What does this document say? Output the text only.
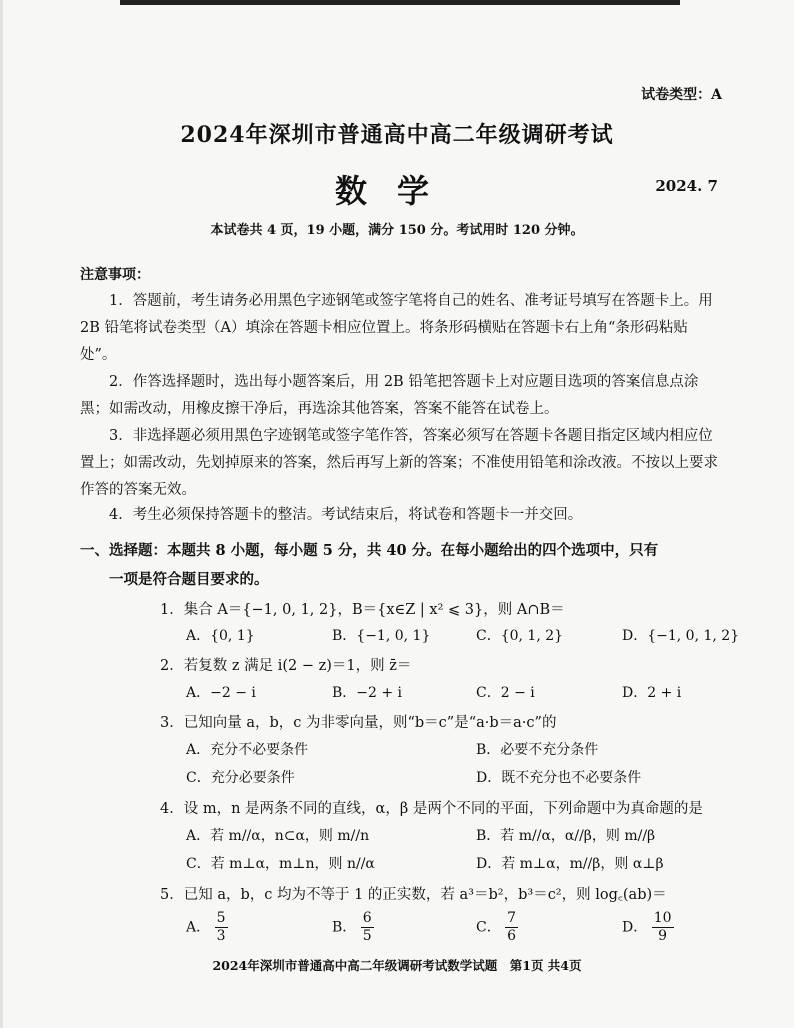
试卷类型：A
2024年深圳市普通高中高二年级调研考试
数学	2024. 7
本试卷共 4 页，19 小题，满分 150 分。考试用时 120 分钟。
注意事项：
1．答题前，考生请务必用黑色字迹钢笔或签字笔将自己的姓名、准考证号填写在答题卡上。用2B 铅笔将试卷类型（A）填涂在答题卡相应位置上。将条形码横贴在答题卡右上角“条形码粘贴处”。
2．作答选择题时，选出每小题答案后，用 2B 铅笔把答题卡上对应题目选项的答案信息点涂黑；如需改动，用橡皮擦干净后，再选涂其他答案，答案不能答在试卷上。
3．非选择题必须用黑色字迹钢笔或签字笔作答，答案必须写在答题卡各题目指定区域内相应位置上；如需改动，先划掉原来的答案，然后再写上新的答案；不准使用铅笔和涂改液。不按以上要求作答的答案无效。
4．考生必须保持答题卡的整洁。考试结束后，将试卷和答题卡一并交回。
一、选择题：本题共 8 小题，每小题 5 分，共 40 分。在每小题给出的四个选项中，只有
一项是符合题目要求的。
1．集合 A＝{−1, 0, 1, 2}，B＝{x∈Z | x² ⩽ 3}，则 A∩B＝
A．{0, 1}	B．{−1, 0, 1}	C．{0, 1, 2}	D．{−1, 0, 1, 2}
2．若复数 z 满足 i(2 − z)＝1，则 z̄＝
A．−2 − i	B．−2 + i	C．2 − i	D．2 + i
3．已知向量 a，b，c 为非零向量，则“b＝c”是“a·b＝a·c”的
A．充分不必要条件	B．必要不充分条件
C．充分必要条件	D．既不充分也不必要条件
4．设 m，n 是两条不同的直线，α，β 是两个不同的平面，下列命题中为真命题的是
A．若 m//α，n⊂α，则 m//n	B．若 m//α，α//β，则 m//β
C．若 m⊥α，m⊥n，则 n//α	D．若 m⊥α，m//β，则 α⊥β
5．已知 a，b，c 均为不等于 1 的正实数，若 a³＝b²，b³＝c²，则 log꜀(ab)＝
A． $\frac{5}{3}$	B． $\frac{6}{5}$	C． $\frac{7}{6}$	D． $\frac{10}{9}$
2024年深圳市普通高中高二年级调研考试数学试题　第1页 共4页
